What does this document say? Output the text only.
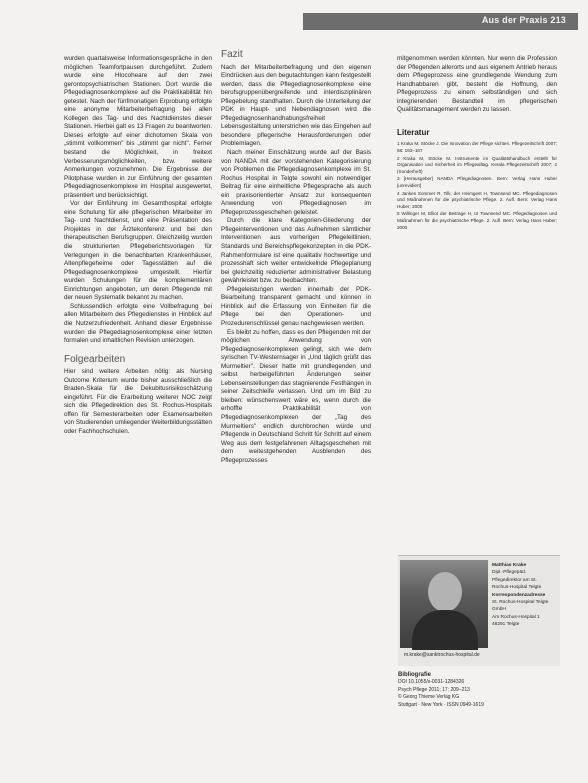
Aus der Praxis 213

wurden quartalsweise Informationsgespräche in den möglichen Teamfortpausen durchgeführt. Zudem wurde eine Hlocoheare auf den zwei gerontopsychiatrischen Stationen. Dort wurde die Pflegediagnosenkomplexe auf die Praktikabilität hin getestet. Nach der fünfmonatigen Erprobung erfolgte eine anonyme Mitarbeiterbefragung bei allen Kollegen des Tag- und des Nachtdienstes dieser Stationen. Hierbei galt es 13 Fragen zu beantworten. Dieses erfolgte auf einer dichotomen Skala von „stimmt vollkommen" bis „stimmt gar nicht". Ferner bestand die Möglichkeit, in freitext Verbesserungsmöglichkeiten, bzw. weitere Anmerkungen vorzunehmen. Die Ergebnisse der Pilotphase wurden in zur Einführung der gesamten Pflegediagnosenkomplexe im Hospital ausgewertet, präsentiert und berücksichtigt.

Vor der Einführung im Gesamthospital erfolgte eine Schulung für alle pflegerischen Mitarbeiter im Tag- und Nachtdienst, und eine Präsentation des Projektes in der Ärztekonferenz und bei den therapeutischen Berufsgruppen. Gleichzeitig wurden die strukturierten Pflegeberichtsvorlagen für Verlegungen in die benachbarten Krankenhäuser, Altenpflegeheime oder Tagesstätten auf die Pflegediagnosenkomplexe umgestellt. Hierfür wurden Schulungen für die komplementären Einrichtungen angeboten, um deren Pflegende mit der neuen Systematik bekannt zu machen.

Schlussendlich erfolgte eine Vollbefragung bei allen Mitarbeitern des Pflegedienstes in Hinblick auf die Nutzerzufriedenheit. Anhand dieser Ergebnisse wurden die Pflegediagnosenkomplexe einer letzten formalen und inhaltlichen Revision unterzogen.

Folgearbeiten

Hier sind weitere Arbeiten nötig: als Nursing Outcome Kriterium wurde bisher ausschließlich die Braden-Skala für die Dekubitusrisikoschätzung eingeführt. Für die Erarbeitung weiterer NOC zeigt sich die Pflegedirektion des St. Rochus-Hospitals offen für Semesterarbeiten oder Examensarbeiten von Studierenden umliegender Weiterbildungsstätten oder Fachhochschulen.

Fazit

Nach der Mitarbeiterbefragung und den eigenen Eindrücken aus den begutachtungen kann festgestellt werden, dass die Pflegediagnosenkomplexe eine berufsgruppenübergreifende und interdisziplinären Pflegebelung standhalten. Durch die Unterteilung der PDK in Haupt- und Nebendiagnosen wird die Pflegediagnosenhandhabungsfreiheit Lebensgestaltung unterstrichen wie das Eingehen auf besondere pflegerische Herausforderungen oder Problemlagen.

Nach meiner Einschätzung wurde auf der Basis von NANDA mit der vorstehenden Kategorisierung von Problemen die Pflegediagnosenkomplexe im St. Rochus Hospital in Telgte sowohl ein notwendiger Beitrag für eine einheitliche Pflegesprache als auch ein praxisorientierter Ansatz zur konsequenten Anwendung von Pflegediagnosen im Pflegeprozessgeschehen geleistet.

Durch die klare Kategorien-Gliederung der Pflegeinterventionen und das Aufnehmen sämtlicher Interventionen aus vorherigen Pflegeleitlinien, Standards und Bereichspflegekonzepten in die PDK-Rahmenformulare ist eine qualitativ hochwertige und prozesshaft sich weiter entwickelnde Pflegeplanung bei gleichzeitig reduzierter administrativer Belastung gewährleistet bzw. zu beobachten.

Pflegeleistungen werden innerhalb der PDK-Bearbeitung transparent gemacht und können in Hinblick auf die Erfassung von Einheiten für die Pflege bei den Operationen- und Prozedurenschlüssel genau nachgewiesen werden.

Es bleibt zu hoffen, dass es den Pflegenden mit der möglichen Anwendung von Pflegediagnosenkomplexen gelingt, sich wie dem syrischen TV-Westernsager in „Und täglich grüßt das Murmeltier". Dieser hatte mit grundlegenden und selbst herbeigeführten Änderungen seiner Lebenseinstellungen das stagnierende Festhängen in seiner Zeitschleife verlassen. Und um im Bild zu bleiben: wünschenswert wäre es, wenn durch die erhoffte Praktikabilität von Pflegediagnosenkomplexen der „Tag des Murmeltiers" endlich durchbrochen würde und Pflegende in Deutschland Schritt für Schritt auf einem Weg aus dem festgefahrenen Alltagsgeschehen mit dem weitestgehenden Ausblenden des Pflegeprozesses

mitgenommen werden könnten. Nur wenn die Profession der Pflegenden allerorts und aus eigenem Antrieb heraus dem Pflegeprozess eine grundlegende Wendung zum Handhabbaren gibt, besteht die Hoffnung, den Pflegeprozess zu einem selbständigen und sich integrierenden Bestandteil im pflegerischen Qualitätsmanagement werden zu lassen.

Literatur
1 Kraka M, Stöcke J. Die Innovation der Pflege sichten. Pflegezeitschrift 2007; 58: 163–167
2 Kraka M, Stöcke M. Instrumente im Qualitätshandbuch erstellt für Organisation und Sicherheit im Pflegealltag. Kerala Pflegezeitschrift 2007; 2 (Sonderheft)
3 [Herausgeber] NANDA Pflegediagnosen. Bern: Verlag Hans Huber [unrevidiert]
4 Jankes Sommer R, Tilk, der Heimgest H, Townsend MC. Pflegediagnosen und Maßnahmen für die psychiatrische Pflege. 2. Aufl. Bern: Verlag Hans Huber; 2000
5 Willinger M, Elliot der Beiträge H, ür Townsend MC. Pflegediagnosen und Maßnahmen für die psychiatrische Pflege. 2. Aufl. Bern: Verlag Hans Huber; 2000
Matthias Krake
Dipl.-Pflegepäd.
Pflegedirektor am St.
Rochus-Hospital Telgte
Korrespondenzadresse
St. Rochus-Hospital Telgte
GmbH
Am Rochus-Hospital 1
48291 Telgte
m.krake@sanktrochus-hospital.de
Bibliografie
DOI 10.1055/s-0031-1284326
Psych Pflege 2011; 17: 209–213
© Georg Thieme Verlag KG
Stuttgart · New York · ISSN 0949-1619
